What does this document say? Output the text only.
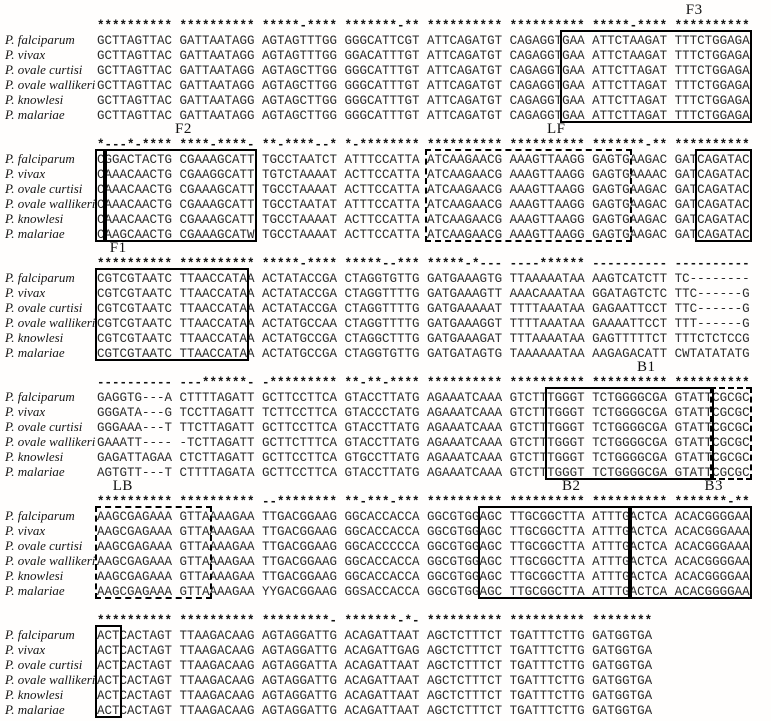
F3
********** ********** *****-**** *******-** ********** ********** *****-**** **********
P. falciparum GCTTAGTTAC GATTAATAGG AGTAGTTTGG GGGCATTCGT ATTCAGATGT CAGAGGTGAA ATTCTAAGAT TTTCTGGAGA
P. vivax	GCTTAGTTAC GATTAATAGG AGTAGTTTGG GGACATTTGT ATTCAGATGT CAGAGGTGAA ATTCTAAGAT TTTCTGGAGA
P. ovale curtisi GCTTAGTTAC GATTAATAGG AGTAGCTTGG GGGCATTTGT ATTCAGATGT CAGAGGTGAA ATTCTTAGAT TTTCTGGAGA
P. ovale wallikeri GCTTAGTTAC GATTAATAGG AGTAGCTTGG GGGCATTTGT ATTCAGATGT CAGAGGTGAA ATTCTTAGAT TTTCTGGAGA
P. knowlesi	GCTTAGTTAC GATTAATAGG AGTAGCTTGG GGGCATTTGT ATTCAGATGT CAGAGGTGAA ATTCTTAGAT TTTCTGGAGA
P. malariae	GCTTAGTTAC GATTAATAGG AGTAGCTTGG GGGCATTTGT ATTCAGATGT CAGAGGTGAA ATTCTTAGAT TTTCTGGAGA
F2	LF
*---*-**** ****-****- **-****--* *-******** ********** ********** *******-** **********
P. falciparum CGGACTACTG CGAAAGCATT TGCCTAATCT ATTTCCATTA ATCAAGAACG AAAGTTAAGG GAGTGAAGAC GATCAGATAC
P. vivax	CAAACAACTG CGAAGGCATT TGTCTAAAAT ACTTCCATTA ATCAAGAACG AAAGTTAAGG GAGTGAAAAC GATCAGATAC
P. ovale curtisi CAAACAACTG CGAAAGCATT TGCCTAAAAT ACTTCCATTA ATCAAGAACG AAAGTTAAGG GAGTGAAGAC GATCAGATAC
P. ovale wallikeri CAAACAACTG CGAAAGCATT TGCCTAATAT ATTTCCATTA ATCAAGAACG AAAGTTAAGG GAGTGAAGAC GATCAGATAC
P. knowlesi	CAAACAACTG CGAAAGCATT TGCCTAAAAT ACTTCCATTA ATCAAGAACG AAAGTTAAGG GAGTGAAGAC GATCAGATAC
P. malariae	CAAGCAACTG CGAAAGCATW TGCCTAAAAT ACTTCCATTA ATCAAGAACG AAAGTTAAGG GAGTGAAGAC GATCAGATAC
F1
********** ********** *****-**** *****--*** *****-*--- ----****** ---------- ----------
P. falciparum CGTCGTAATC TTAACCATAA ACTATACCGA CTAGGTGTTG GATGAAAGTG TTAAAAATAA AAGTCATCTT TC--------
P. vivax	CGTCGTAATC TTAACCATAA ACTATACCGA CTAGGTTTTG GATGAAAGTT AAACAAATAA GGATAGTCTC TTC------G
P. ovale curtisi CGTCGTAATC TTAACCATAA ACTATACCGA CTAGGTTTTG GATGAAAAAT TTTTAAATAA GAGAATTCCT TTC------G
P. ovale wallikeri CGTCGTAATC TTAACCATAA ACTATGCCAA CTAGGTTTTG GATGAAAGGT TTTTAAATAA GAAAATTCCT TTT------G
P. knowlesi	CGTCGTAATC TTAACCATAA ACTATGCCGA CTAGGCTTTG GATGAAAGAT TTTAAAATAA GAGTTTTTCT TTTCTCTCCG
P. malariae	CGTCGTAATC TTAACCATAA ACTATGCCGA CTAGGTGTTG GATGATAGTG TAAAAAATAA AAGAGACATT CWTATATATG
B1
---------- ---******- -********* **-**-**** ********** ********** ********** **********
P. falciparum GAGGTG---A CTTTTAGATT GCTTCCTTCA GTACCTTATG AGAAATCAAA GTCTTTGGGT TCTGGGGCGA GTATTCGCGC
P. vivax	GGGATA---G TCCTTAGATT TCTTCCTTCA GTACCCTATG AGAAATCAAA GTCTTTGGGT TCTGGGGCGA GTATTCGCGC
P. ovale curtisi GGGAAA---T TTCTTAGATT GCTTCCTTCA GTACCTTATG AGAAATCAAA GTCTTTGGGT TCTGGGGCGA GTATTCGCGC
P. ovale wallikeri GAAATT---- -TCTTAGATT GCTTCTTTCA GTACCTTATG AGAAATCAAA GTCTTTGGGT TCTGGGGCGA GTATTCGCGC
P. knowlesi	GAGATTAGAA CTCTTAGATT GCTTCCTTCA GTGCCTTATG AGAAATCAAA GTCTTTGGGT TCTGGGGCGA GTATTCGCGC
P. malariae	AGTGTT---T CTTTTAGATA GCTTCCTTCA GTACCTTATG AGAAATCAAA GTCTTTGGGT TCTGGGGCGA GTATTCGCGC
LB	B2	B3
********** ********** --******** **-***-*** ********** ********** ********** *******-**
P. falciparum AAGCGAGAAA GTTAAAAGAA TTGACGGAAG GGCACCACCA GGCGTGGAGC TTGCGGCTTA ATTTGACTCA ACACGGGGAA
P. vivax	AAGCGAGAAA GTTAAAAGAA TTGACGGAAG GGCACCACCA GGCGTGGAGC TTGCGGCTTA ATTTGACTCA ACACGGGAAA
P. ovale curtisi AAGCGAGAAA GTTAAAAGAA TTGACGGAAG GGCACCCCCA GGCGTGGAGC TTGCGGCTTA ATTTGACTCA ACACGGGAAA
P. ovale wallikeri AAGCGAGAAA GTTAAAAGAA TTGACGGAAG GGCACCACCA GGCGTGGAGC TTGCGGCTTA ATTTGACTCA ACACGGGGAA
P. knowlesi	AAGCGAGAAA GTTAAAAGAA TTGACGGAAG GGCACCACCA GGCGTGGAGC TTGCGGCTTA ATTTGACTCA ACACGGGGAA
P. malariae	AAGCGAGAAA GTTAAAAGAA YYGACGGAAG GGSACCACCA GGCGTGGAGC TTGCGGCTTA ATTTGACTCA ACACGGGGAA
********** ********** *********- *******-*- ********** ********** ********
P. falciparum ACTCACTAGT TTAAGACAAG AGTAGGATTG ACAGATTAAT AGCTCTTTCT TGATTTCTTG GATGGTGA
P. vivax	ACTCACTAGT TTAAGACAAG AGTAGGATTG ACAGATTGAG AGCTCTTTCT TGATTTCTTG GATGGTGA
P. ovale curtisi ACTCACTAGT TTAAGACAAG AGTAGGATTA ACAGATTAAT AGCTCTTTCT TGATTTCTTG GATGGTGA
P. ovale wallikeri ACTCACTAGT TTAAGACAAG AGTAGGATTG ACAGATTAAT AGCTCTTTCT TGATTTCTTG GATGGTGA
P. knowlesi	ACTCACTAGT TTAAGACAAG AGTAGGATTG ACAGATTAAT AGCTCTTTCT TGATTTCTTG GATGGTGA
P. malariae	ACTCACTAGT TTAAGACAAG AGTAGGATTG ACAGATTAAT AGCTCTTTCT TGATTTCTTG GATGGTGA
